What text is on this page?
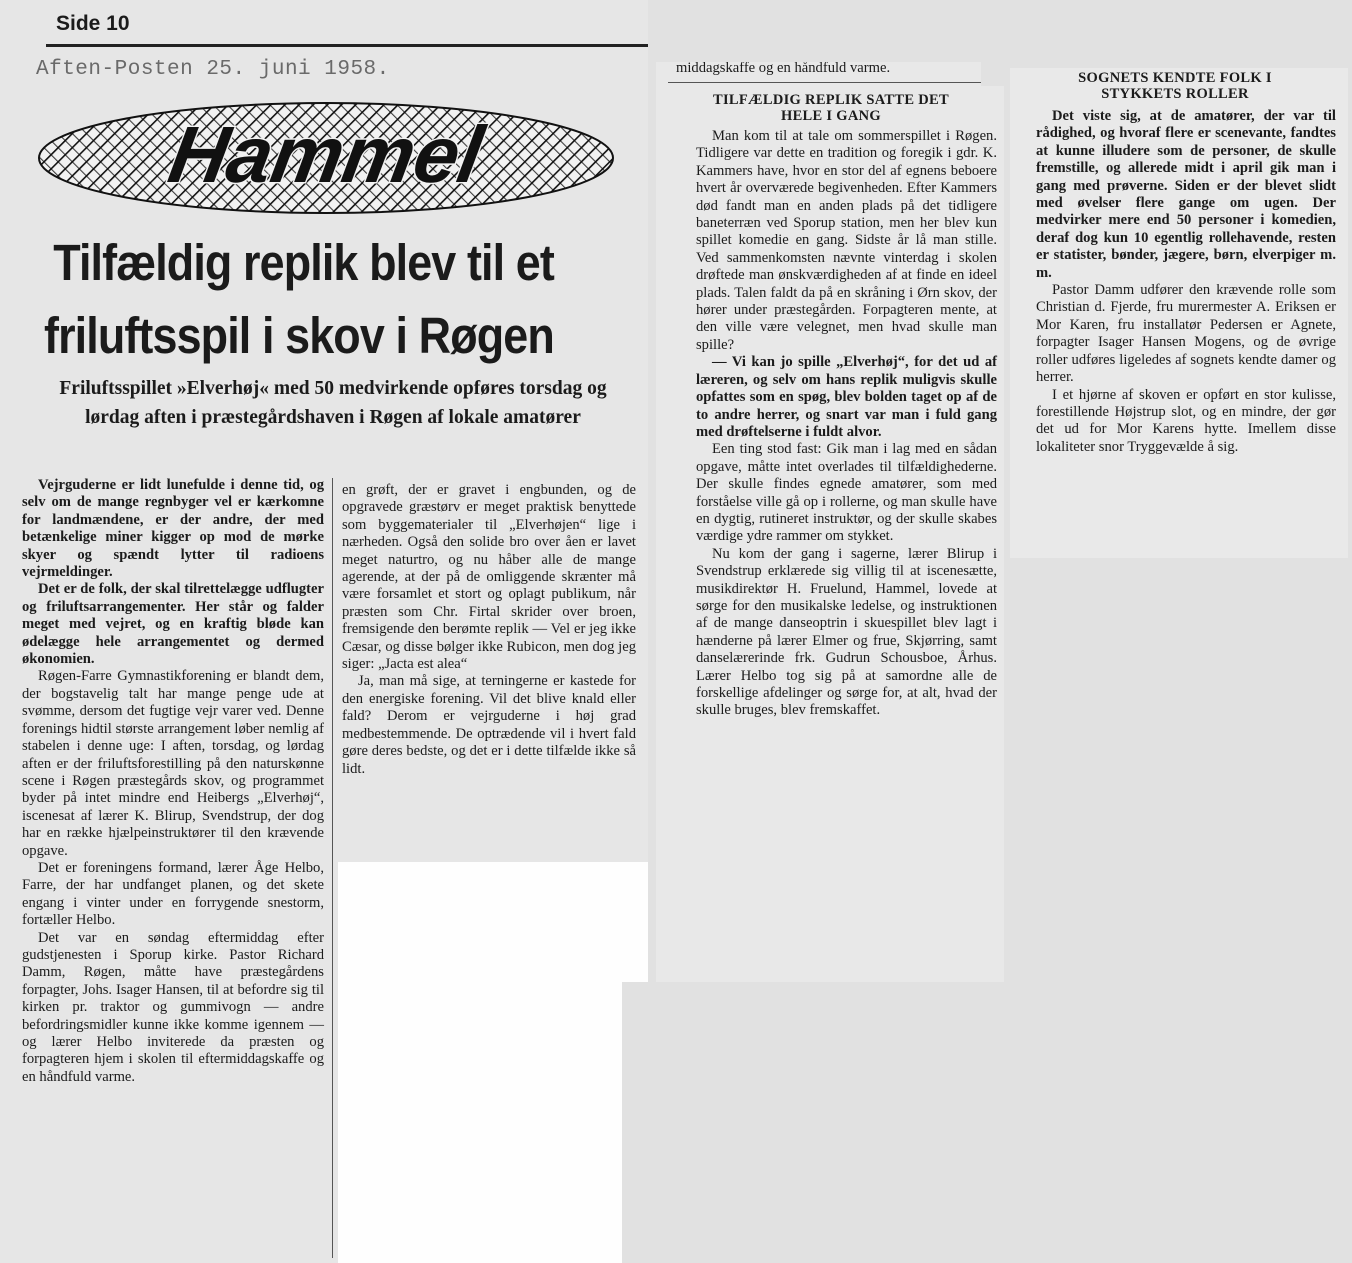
Side 10
Aften-Posten 25. juni 1958.
Hammel
Tilfældig replik blev til et
friluftsspil i skov i Røgen
Friluftsspillet »Elverhøj« med 50 medvirkende opføres torsdag og lørdag aften i præstegårdshaven i Røgen af lokale amatører

Vejrguderne er lidt lunefulde i denne tid, og selv om de mange regnbyger vel er kærkomne for landmændene, er der andre, der med betænkelige miner kigger op mod de mørke skyer og spændt lytter til radioens vejrmeldinger.

Det er de folk, der skal tilrettelægge udflugter og friluftsarrangementer. Her står og falder meget med vejret, og en kraftig bløde kan ødelægge hele arrangementet og dermed økonomien.

Røgen-Farre Gymnastikforening er blandt dem, der bogstavelig talt har mange penge ude at svømme, dersom det fugtige vejr varer ved. Denne forenings hidtil største arrangement løber nemlig af stabelen i denne uge: I aften, torsdag, og lørdag aften er der friluftsforestilling på den naturskønne scene i Røgen præstegårds skov, og programmet byder på intet mindre end Heibergs „Elverhøj“, iscenesat af lærer K. Blirup, Svendstrup, der dog har en række hjælpeinstruktører til den krævende opgave.

Det er foreningens formand, lærer Åge Helbo, Farre, der har undfanget planen, og det skete engang i vinter under en forrygende snestorm, fortæller Helbo.

Det var en søndag eftermiddag efter gudstjenesten i Sporup kirke. Pastor Richard Damm, Røgen, måtte have præstegårdens forpagter, Johs. Isager Hansen, til at befordre sig til kirken pr. traktor og gummivogn — andre befordringsmidler kunne ikke komme igennem — og lærer Helbo inviterede da præsten og forpagteren hjem i skolen til eftermiddagskaffe og en håndfuld varme.

en grøft, der er gravet i engbunden, og de opgravede græstørv er meget praktisk benyttede som byggematerialer til „Elverhøjen“ lige i nærheden. Også den solide bro over åen er lavet meget naturtro, og nu håber alle de mange agerende, at der på de omliggende skrænter må være forsamlet et stort og oplagt publikum, når præsten som Chr. Firtal skrider over broen, fremsigende den berømte replik — Vel er jeg ikke Cæsar, og disse bølger ikke Rubicon, men dog jeg siger: „Jacta est alea“

Ja, man må sige, at terningerne er kastede for den energiske forening. Vil det blive knald eller fald? Derom er vejrguderne i høj grad medbestemmende. De optrædende vil i hvert fald gøre deres bedste, og det er i dette tilfælde ikke så lidt.

middagskaffe og en håndfuld varme.
TILFÆLDIG REPLIK SATTE DET HELE I GANG

Man kom til at tale om sommerspillet i Røgen. Tidligere var dette en tradition og foregik i gdr. K. Kammers have, hvor en stor del af egnens beboere hvert år overværede begivenheden. Efter Kammers død fandt man en anden plads på det tidligere baneterræn ved Sporup station, men her blev kun spillet komedie en gang. Sidste år lå man stille. Ved sammenkomsten nævnte vinterdag i skolen drøftede man ønskværdigheden af at finde en ideel plads. Talen faldt da på en skråning i Ørn skov, der hører under præstegården. Forpagteren mente, at den ville være velegnet, men hvad skulle man spille?

— Vi kan jo spille „Elverhøj“, for det ud af læreren, og selv om hans replik muligvis skulle opfattes som en spøg, blev bolden taget op af de to andre herrer, og snart var man i fuld gang med drøftelserne i fuldt alvor.

Een ting stod fast: Gik man i lag med en sådan opgave, måtte intet overlades til tilfældighederne. Der skulle findes egnede amatører, som med forståelse ville gå op i rollerne, og man skulle have en dygtig, rutineret instruktør, og der skulle skabes værdige ydre rammer om stykket.

Nu kom der gang i sagerne, lærer Blirup i Svendstrup erklærede sig villig til at iscenesætte, musikdirektør H. Fruelund, Hammel, lovede at sørge for den musikalske ledelse, og instruktionen af de mange danseoptrin i skuespillet blev lagt i hænderne på lærer Elmer og frue, Skjørring, samt danselærerinde frk. Gudrun Schousboe, Århus. Lærer Helbo tog sig på at samordne alle de forskellige afdelinger og sørge for, at alt, hvad der skulle bruges, blev fremskaffet.

SOGNETS KENDTE FOLK I STYKKETS ROLLER

Det viste sig, at de amatører, der var til rådighed, og hvoraf flere er scenevante, fandtes at kunne illudere som de personer, de skulle fremstille, og allerede midt i april gik man i gang med prøverne. Siden er der blevet slidt med øvelser flere gange om ugen. Der medvirker mere end 50 personer i komedien, deraf dog kun 10 egentlig rollehavende, resten er statister, bønder, jægere, børn, elverpiger m. m.

Pastor Damm udfører den krævende rolle som Christian d. Fjerde, fru murermester A. Eriksen er Mor Karen, fru installatør Pedersen er Agnete, forpagter Isager Hansen Mogens, og de øvrige roller udføres ligeledes af sognets kendte damer og herrer.

I et hjørne af skoven er opført en stor kulisse, forestillende Højstrup slot, og en mindre, der gør det ud for Mor Karens hytte. Imellem disse lokaliteter snor Tryggevælde å sig.
